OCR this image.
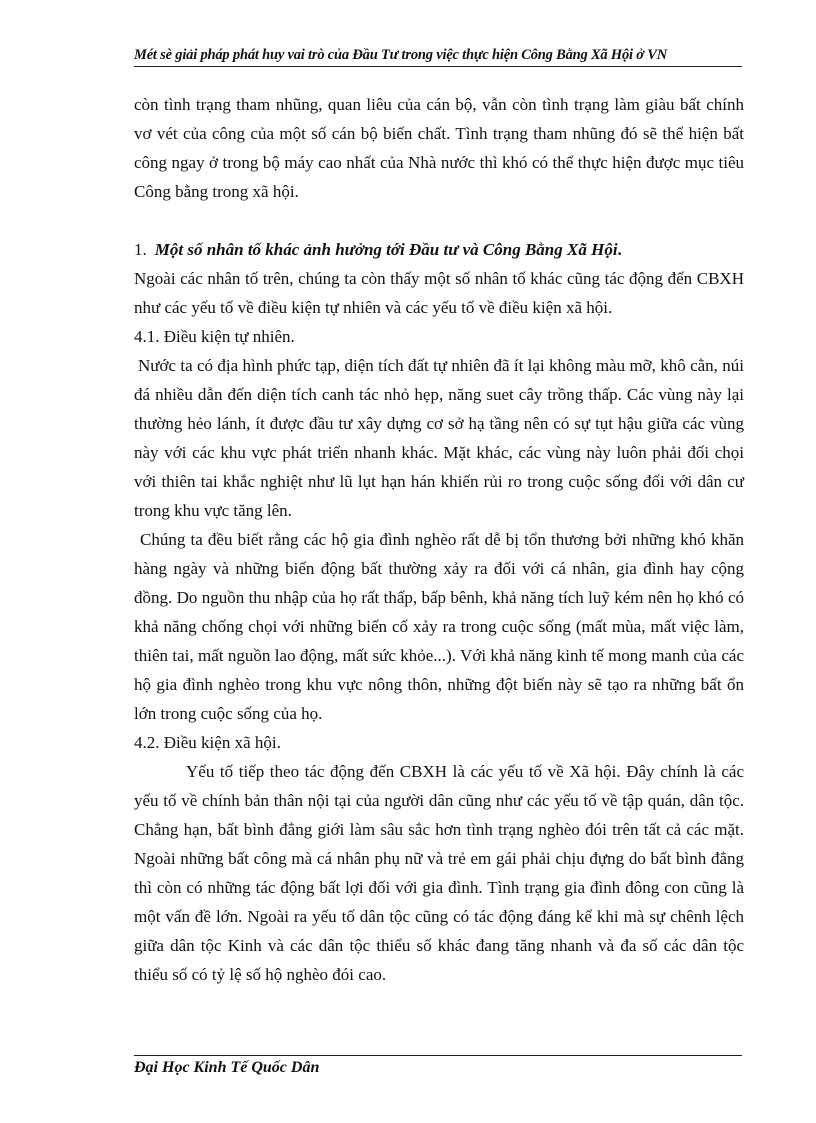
Mét sè giải pháp phát huy vai trò của Đầu Tư trong việc thực hiện Công Bằng Xã Hội ở VN

còn tình trạng tham nhũng, quan liêu của cán bộ, vẫn còn tình trạng làm giàu bất chính vơ vét của công của một số cán bộ biến chất. Tình trạng tham nhũng đó sẽ thể hiện bất công ngay ở trong bộ máy cao nhất của Nhà nước thì khó có thể thực hiện được mục tiêu Công bằng trong xã hội.

1. Một số nhân tố khác ảnh hưởng tới Đầu tư và Công Bằng Xã Hội.

Ngoài các nhân tố trên, chúng ta còn thấy một số nhân tố khác cũng tác động đến CBXH như các yếu tố về điều kiện tự nhiên và các yếu tố về điều kiện xã hội.

4.1. Điều kiện tự nhiên.

Nước ta có địa hình phức tạp, diện tích đất tự nhiên đã ít lại không màu mỡ, khô cằn, núi đá nhiều dẫn đến diện tích canh tác nhỏ hẹp, năng suet cây trồng thấp. Các vùng này lại thường hẻo lánh, ít được đầu tư xây dựng cơ sở hạ tầng nên có sự tụt hậu giữa các vùng này với các khu vực phát triển nhanh khác. Mặt khác, các vùng này luôn phải đối chọi với thiên tai khắc nghiệt như lũ lụt hạn hán khiến rủi ro trong cuộc sống đối với dân cư trong khu vực tăng lên.

Chúng ta đều biết rằng các hộ gia đình nghèo rất dễ bị tổn thương bởi những khó khăn hàng ngày và những biến động bất thường xảy ra đối với cá nhân, gia đình hay cộng đồng. Do nguồn thu nhập của họ rất thấp, bấp bênh, khả năng tích luỹ kém nên họ khó có khả năng chống chọi với những biến cố xảy ra trong cuộc sống (mất mùa, mất việc làm, thiên tai, mất nguồn lao động, mất sức khỏe...). Với khả năng kinh tế mong manh của các hộ gia đình nghèo trong khu vực nông thôn, những đột biến này sẽ tạo ra những bất ổn lớn trong cuộc sống của họ.

4.2. Điều kiện xã hội.

Yếu tố tiếp theo tác động đến CBXH là các yếu tố về Xã hội. Đây chính là các yếu tố về chính bản thân nội tại của người dân cũng như các yếu tố về tập quán, dân tộc. Chẳng hạn, bất bình đẳng giới làm sâu sắc hơn tình trạng nghèo đói trên tất cả các mặt. Ngoài những bất công mà cá nhân phụ nữ và trẻ em gái phải chịu đựng do bất bình đẳng thì còn có những tác động bất lợi đối với gia đình. Tình trạng gia đình đông con cũng là một vấn đề lớn. Ngoài ra yếu tố dân tộc cũng có tác động đáng kể khi mà sự chênh lệch giữa dân tộc Kinh và các dân tộc thiểu số khác đang tăng nhanh và đa số các dân tộc thiểu số có tỷ lệ số hộ nghèo đói cao.

Đại Học Kinh Tế Quốc Dân
